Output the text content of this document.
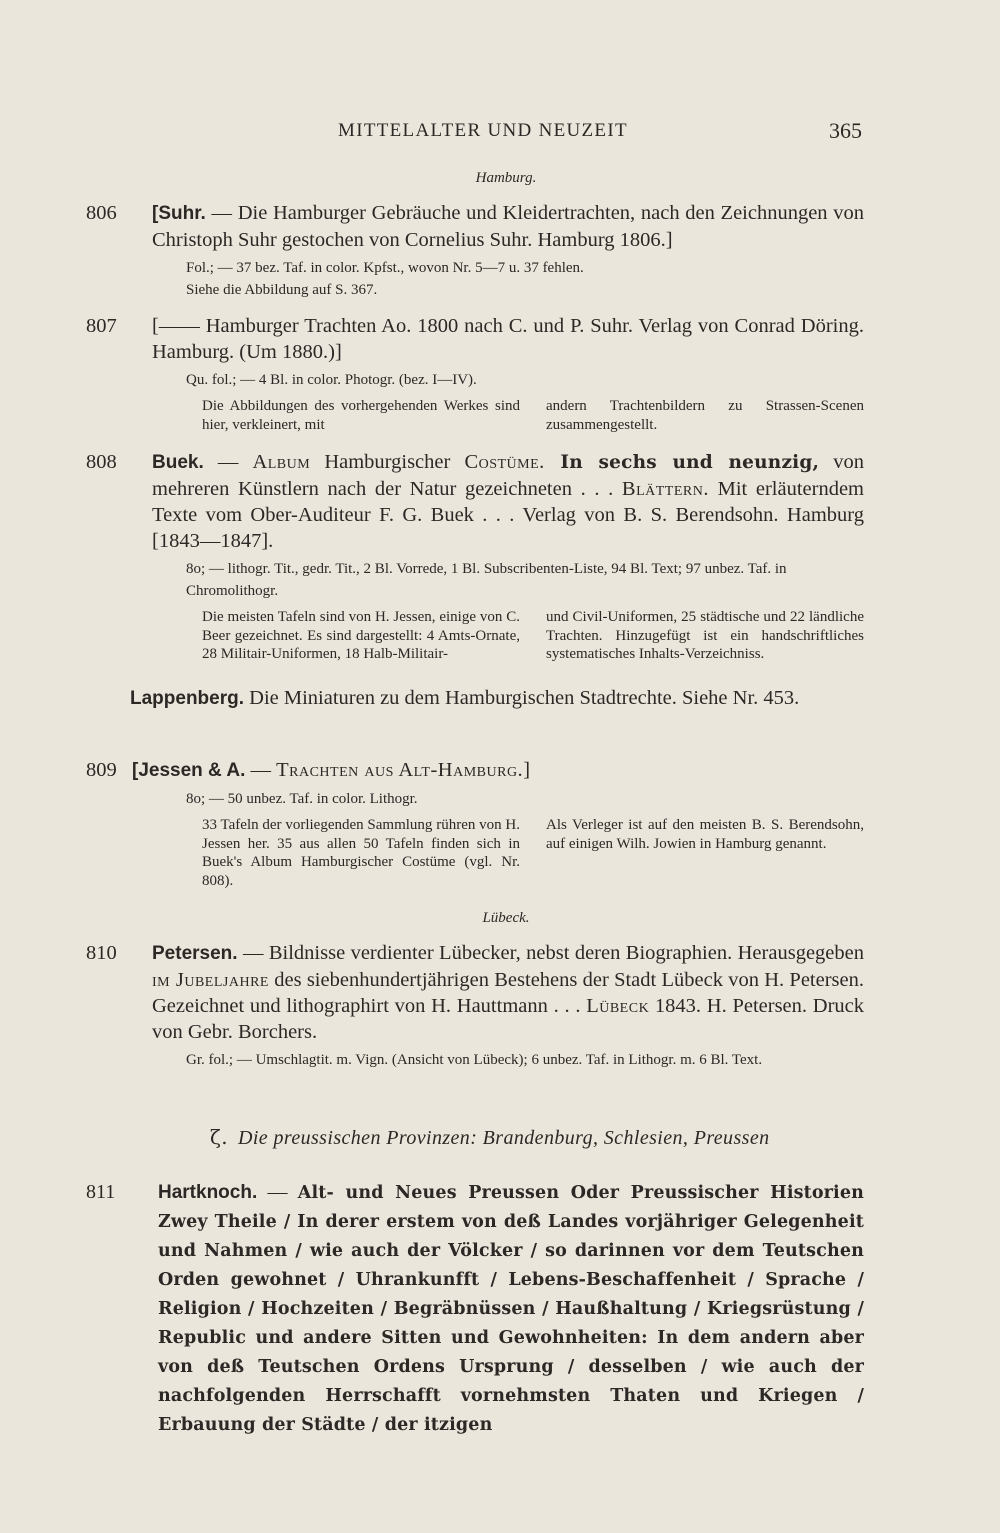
MITTELALTER UND NEUZEIT	365
Hamburg.
806	[Suhr. — Die Hamburger Gebräuche und Kleidertrachten, nach den Zeichnungen von Christoph Suhr gestochen von Cornelius Suhr. Hamburg 1806.]

Fol.; — 37 bez. Taf. in color. Kpfst., wovon Nr. 5—7 u. 37 fehlen.

Siehe die Abbildung auf S. 367.

807	[—— Hamburger Trachten Ao. 1800 nach C. und P. Suhr. Verlag von Conrad Döring. Hamburg. (Um 1880.)]

Qu. fol.; — 4 Bl. in color. Photogr. (bez. I—IV).

Die Abbildungen des vorhergehenden Werkes sind hier, verkleinert, mit
andern Trachtenbildern zu Strassen-Scenen zusammengestellt.
808	Buek. — Album Hamburgischer Costüme. In sechs und neunzig, von mehreren Künstlern nach der Natur gezeichneten . . . Blättern. Mit erläuterndem Texte vom Ober-Auditeur F. G. Buek . . . Verlag von B. S. Berendsohn. Hamburg [1843—1847].

8o; — lithogr. Tit., gedr. Tit., 2 Bl. Vorrede, 1 Bl. Subscribenten-Liste, 94 Bl. Text; 97 unbez. Taf. in Chromolithogr.

Die meisten Tafeln sind von H. Jessen, einige von C. Beer gezeichnet. Es sind dargestellt: 4 Amts-Ornate, 28 Militair-Uniformen, 18 Halb-Militair-
und Civil-Uniformen, 25 städtische und 22 ländliche Trachten. Hinzugefügt ist ein handschriftliches systematisches Inhalts-Verzeichniss.
Lappenberg. Die Miniaturen zu dem Hamburgischen Stadtrechte. Siehe Nr. 453.
809 [Jessen & A. — Trachten aus Alt-Hamburg.]

8o; — 50 unbez. Taf. in color. Lithogr.

33 Tafeln der vorliegenden Sammlung rühren von H. Jessen her. 35 aus allen 50 Tafeln finden sich in Buek's Album Hamburgischer Costüme (vgl. Nr. 808).
Als Verleger ist auf den meisten B. S. Berendsohn, auf einigen Wilh. Jowien in Hamburg genannt.
Lübeck.
810	Petersen. — Bildnisse verdienter Lübecker, nebst deren Biographien. Herausgegeben im Jubeljahre des siebenhundertjährigen Bestehens der Stadt Lübeck von H. Petersen. Gezeichnet und lithographirt von H. Hauttmann . . . Lübeck 1843. H. Petersen. Druck von Gebr. Borchers.

Gr. fol.; — Umschlagtit. m. Vign. (Ansicht von Lübeck); 6 unbez. Taf. in Lithogr. m. 6 Bl. Text.

ζ. Die preussischen Provinzen: Brandenburg, Schlesien, Preussen
811	Hartknoch. — Alt- und Neues Preussen Oder Preussischer Historien Zwey Theile / In derer erstem von deß Landes vorjähriger Gelegenheit und Nahmen / wie auch der Völcker / so darinnen vor dem Teutschen Orden gewohnet / Uhrankunfft / Lebens-Beschaffenheit / Sprache / Religion / Hochzeiten / Begräbnüssen / Haußhaltung / Kriegsrüstung / Republic und andere Sitten und Gewohnheiten: In dem andern aber von deß Teutschen Ordens Ursprung / desselben / wie auch der nachfolgenden Herrschafft vornehmsten Thaten und Kriegen / Erbauung der Städte / der itzigen
